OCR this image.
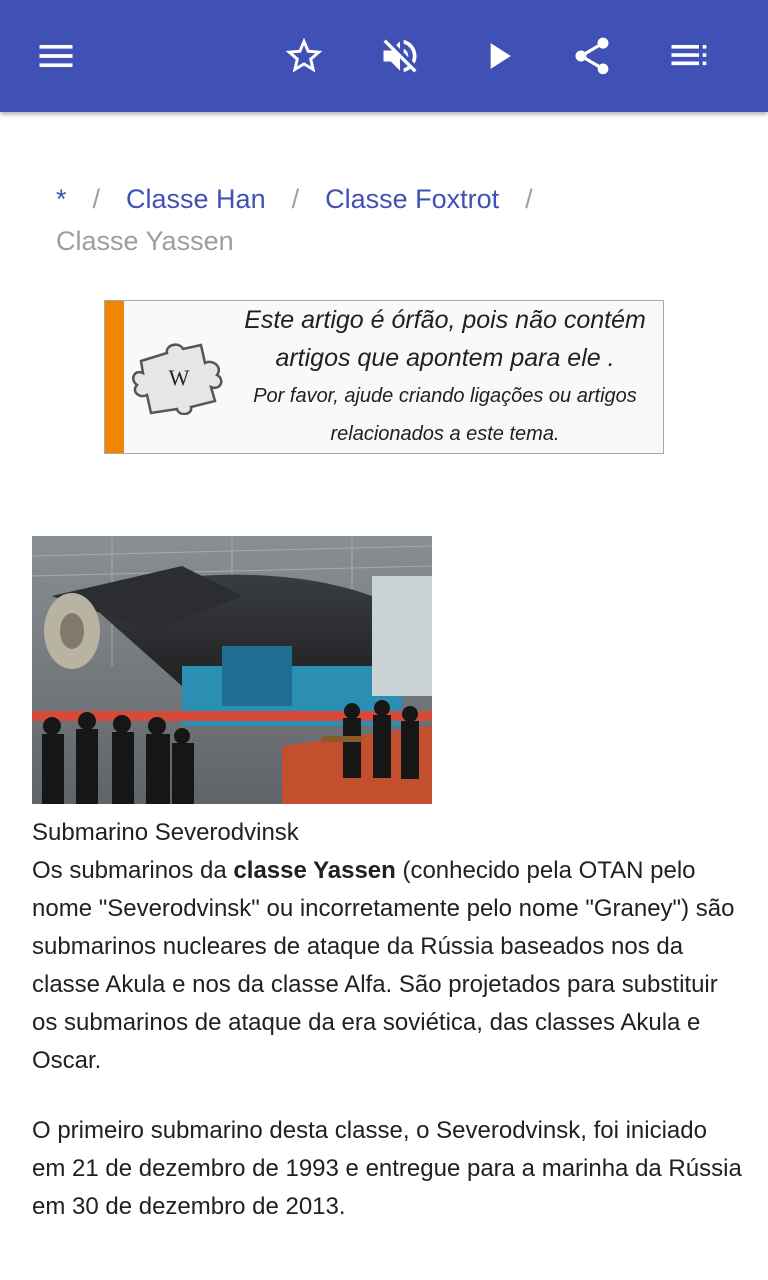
* / Classe Han / Classe Foxtrot /
Classe Yassen
W
Este artigo é órfão, pois não contém artigos que apontem para ele .
Por favor, ajude criando ligações ou artigos relacionados a este tema.
Submarino Severodvinsk
Os submarinos da classe Yassen (conhecido pela OTAN pelo nome "Severodvinsk" ou incorretamente pelo nome "Graney") são submarinos nucleares de ataque da Rússia baseados nos da classe Akula e nos da classe Alfa. São projetados para substituir os submarinos de ataque da era soviética, das classes Akula e Oscar.
O primeiro submarino desta classe, o Severodvinsk, foi iniciado em 21 de dezembro de 1993 e entregue para a marinha da Rússia em 30 de dezembro de 2013.
